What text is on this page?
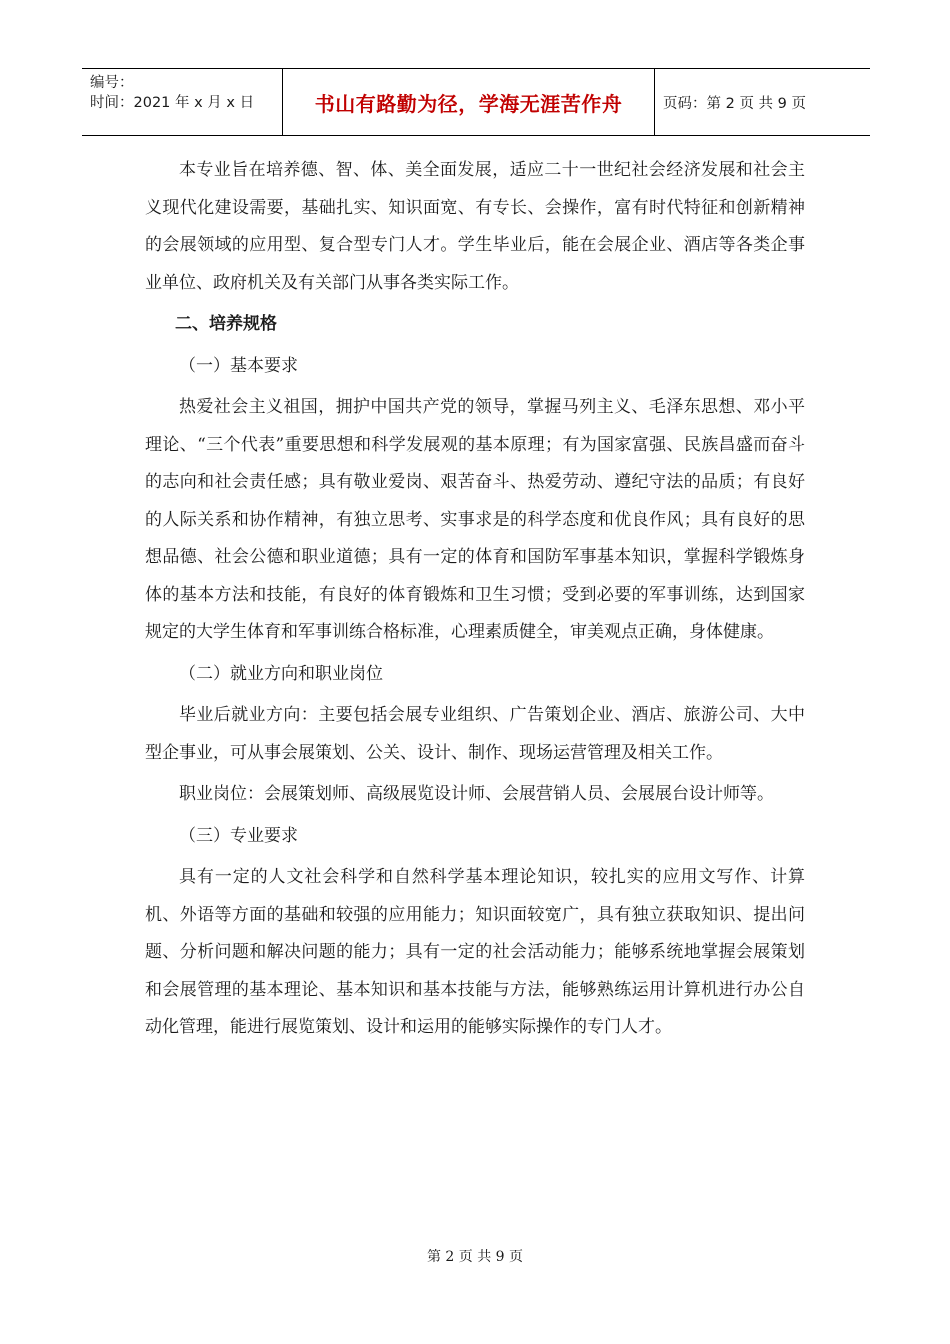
编号：
时间：2021 年 x 月 x 日	书山有路勤为径，学海无涯苦作舟	页码：第 2 页 共 9 页

本专业旨在培养德、智、体、美全面发展，适应二十一世纪社会经济发展和社会主义现代化建设需要，基础扎实、知识面宽、有专长、会操作，富有时代特征和创新精神的会展领域的应用型、复合型专门人才。学生毕业后，能在会展企业、酒店等各类企事业单位、政府机关及有关部门从事各类实际工作。

二、培养规格

（一）基本要求

热爱社会主义祖国，拥护中国共产党的领导，掌握马列主义、毛泽东思想、邓小平理论、“三个代表”重要思想和科学发展观的基本原理；有为国家富强、民族昌盛而奋斗的志向和社会责任感；具有敬业爱岗、艰苦奋斗、热爱劳动、遵纪守法的品质；有良好的人际关系和协作精神，有独立思考、实事求是的科学态度和优良作风；具有良好的思想品德、社会公德和职业道德；具有一定的体育和国防军事基本知识，掌握科学锻炼身体的基本方法和技能，有良好的体育锻炼和卫生习惯；受到必要的军事训练，达到国家规定的大学生体育和军事训练合格标准，心理素质健全，审美观点正确，身体健康。

（二）就业方向和职业岗位

毕业后就业方向：主要包括会展专业组织、广告策划企业、酒店、旅游公司、大中型企事业，可从事会展策划、公关、设计、制作、现场运营管理及相关工作。

职业岗位：会展策划师、高级展览设计师、会展营销人员、会展展台设计师等。

（三）专业要求

具有一定的人文社会科学和自然科学基本理论知识，较扎实的应用文写作、计算机、外语等方面的基础和较强的应用能力；知识面较宽广，具有独立获取知识、提出问题、分析问题和解决问题的能力；具有一定的社会活动能力；能够系统地掌握会展策划和会展管理的基本理论、基本知识和基本技能与方法，能够熟练运用计算机进行办公自动化管理，能进行展览策划、设计和运用的能够实际操作的专门人才。

第 2 页 共 9 页
